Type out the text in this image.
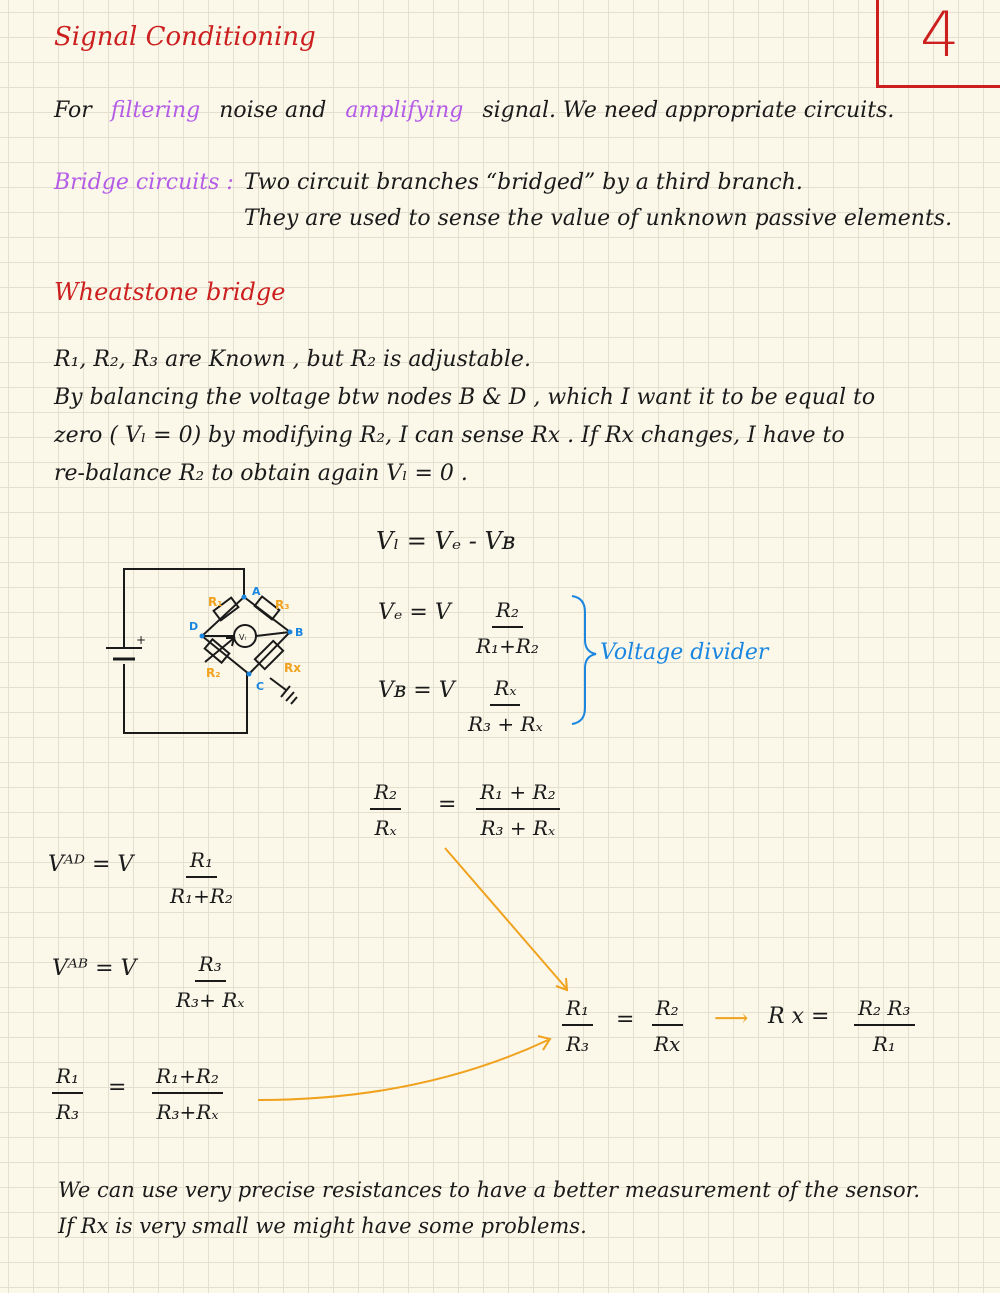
Signal Conditioning	4
For filtering noise and amplifying signal. We need appropriate circuits.
Bridge circuits : Two circuit branches “bridged” by a third branch.
They are used to sense the value of unknown passive elements.
Wheatstone bridge
R₁, R₂, R₃ are Known , but R₂ is adjustable.
By balancing the voltage btw nodes B & D , which I want it to be equal to
zero ( Vₗ = 0) by modifying R₂, I can sense Rx . If Rx changes, I have to
re-balance R₂ to obtain again Vₗ = 0 .
A
B
C
D
R₁	R₃
R₂	Rx
+	Vₗ
Vₗ = Vₑ - Vʙ
Vₑ = V $\frac{\text{R₂}}{\text{R₁+R₂}}$
Vʙ = V $\frac{\text{Rₓ}}{\text{R₃ + Rₓ}}$
Voltage divider
$\frac{\text{R₂}}{\text{Rₓ}} = \frac{\text{R₁ + R₂}}{\text{R₃ + Rₓ}}$
Vᴬᴰ = V $\frac{\text{R₁}}{\text{R₁+R₂}}$
Vᴬᴮ = V $\frac{\text{R₃}}{\text{R₃+ Rₓ}}$
$\frac{\text{R₁}}{\text{R₃}} = \frac{\text{R₁+R₂}}{\text{R₃+Rₓ}}$
$\frac{\text{R₁}}{\text{R₃}} = \frac{\text{R₂}}{Rx}$ ⟶ R $x = \frac{\text{R₂ R₃}}{\text{R₁}}$
We can use very precise resistances to have a better measurement of the sensor.
If Rx is very small we might have some problems.
